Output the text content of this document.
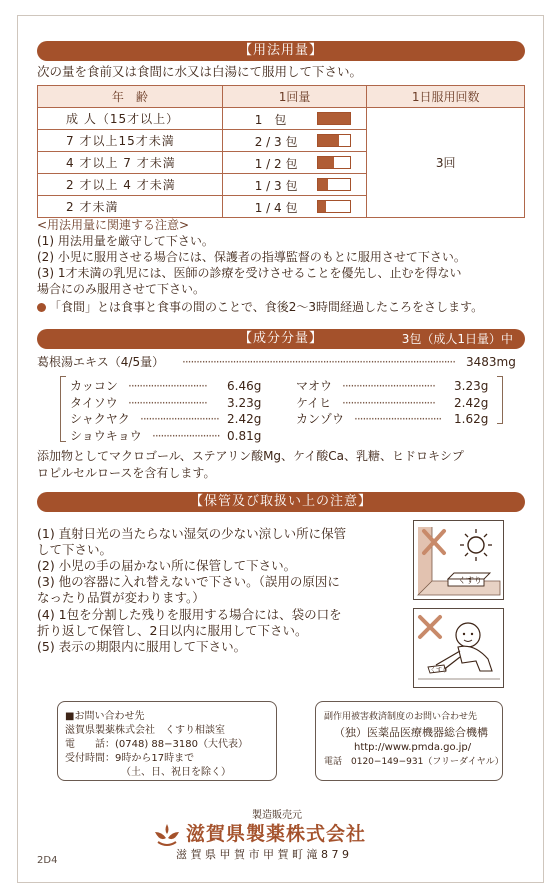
【用法用量】
次の量を食前又は食間に水又は白湯にて服用して下さい。
年　齢	1回量	1日服用回数
成 人（15才以上）	1　包	3回
7 才以上15才未満	2 / 3 包	

4 才以上 7 才未満	1 / 2 包	

2 才以上 4 才未満	1 / 3 包	

2 才未満	1 / 4 包	
<用法用量に関連する注意>
(1) 用法用量を厳守して下さい。
(2) 小児に服用させる場合には、保護者の指導監督のもとに服用させて下さい。
(3) 1才未満の乳児には、医師の診療を受けさせることを優先し、止むを得ない
場合にのみ服用させて下さい。
「食間」とは食事と食事の間のことで、食後2～3時間経過したころをさします。
【成分分量】	3包（成人1日量）中
葛根湯エキス（4/5量） ································································································· 3483mg
カッコン ····························	6.46g
タイソウ ····························	3.23g
シャクヤク ···························· 2.42g
ショウキョウ ························ 0.81g
マオウ ·································	3.23g
ケイヒ ·································	2.42g
カンゾウ ·······························	1.62g
添加物としてマクロゴール、ステアリン酸Mg、ケイ酸Ca、乳糖、ヒドロキシプ
ロピルセルロースを含有します。
【保管及び取扱い上の注意】
(1) 直射日光の当たらない湿気の少ない涼しい所に保管
して下さい。
(2) 小児の手の届かない所に保管して下さい。
(3) 他の容器に入れ替えないで下さい。（誤用の原因に
なったり品質が変わります。）
(4) 1包を分割した残りを服用する場合には、袋の口を
折り返して保管し、2日以内に服用して下さい。
(5) 表示の期限内に服用して下さい。
くすり
くすり
■お問い合わせ先
滋賀県製薬株式会社　くすり相談室
電　　話：(0748) 88−3180（大代表）
受付時間：9時から17時まで
（土、日、祝日を除く）
副作用被害救済制度のお問い合わせ先
（独）医薬品医療機器総合機構
http://www.pmda.go.jp/
電話　0120−149−931（フリーダイヤル）
製造販売元
滋賀県製薬株式会社
滋 賀 県 甲 賀 市 甲 賀 町 滝 8 7 9
2D4
